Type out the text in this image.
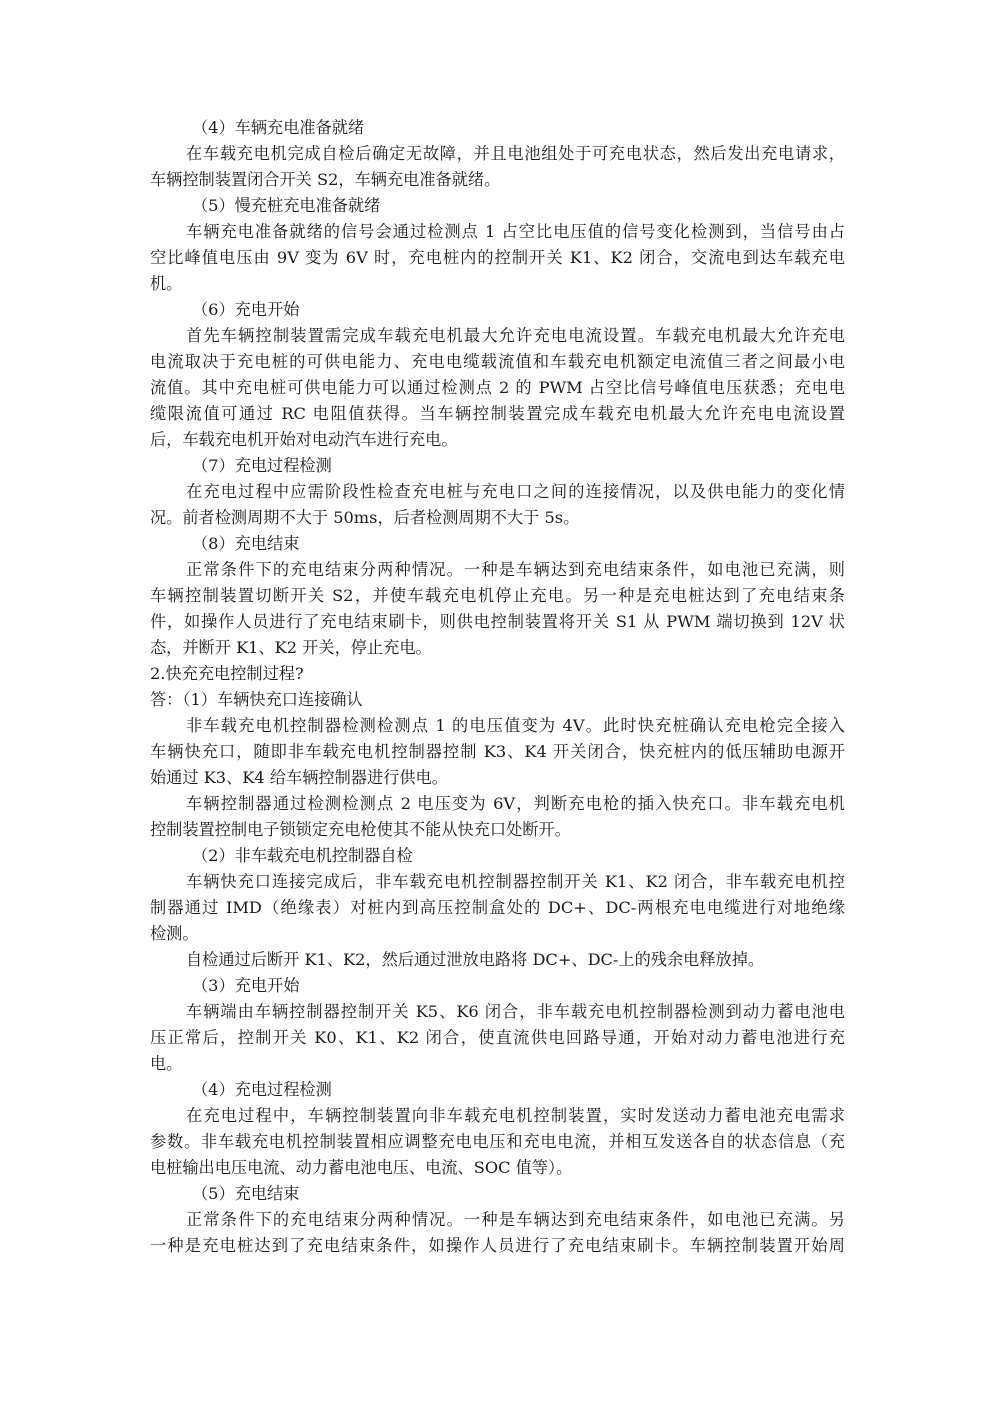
（4）车辆充电准备就绪

在车载充电机完成自检后确定无故障，并且电池组处于可充电状态，然后发出充电请求，

车辆控制装置闭合开关 S2，车辆充电准备就绪。

（5）慢充桩充电准备就绪

车辆充电准备就绪的信号会通过检测点 1 占空比电压值的信号变化检测到，当信号由占

空比峰值电压由 9V 变为 6V 时，充电桩内的控制开关 K1、K2 闭合，交流电到达车载充电

机。

（6）充电开始

首先车辆控制装置需完成车载充电机最大允许充电电流设置。车载充电机最大允许充电

电流取决于充电桩的可供电能力、充电电缆载流值和车载充电机额定电流值三者之间最小电

流值。其中充电桩可供电能力可以通过检测点 2 的 PWM 占空比信号峰值电压获悉；充电电

缆限流值可通过 RC 电阻值获得。当车辆控制装置完成车载充电机最大允许充电电流设置

后，车载充电机开始对电动汽车进行充电。

（7）充电过程检测

在充电过程中应需阶段性检查充电桩与充电口之间的连接情况，以及供电能力的变化情

况。前者检测周期不大于 50ms，后者检测周期不大于 5s。

（8）充电结束

正常条件下的充电结束分两种情况。一种是车辆达到充电结束条件，如电池已充满，则

车辆控制装置切断开关 S2，并使车载充电机停止充电。另一种是充电桩达到了充电结束条

件，如操作人员进行了充电结束刷卡，则供电控制装置将开关 S1 从 PWM 端切换到 12V 状

态，并断开 K1、K2 开关，停止充电。

2.快充充电控制过程?

答：（1）车辆快充口连接确认

非车载充电机控制器检测检测点 1 的电压值变为 4V。此时快充桩确认充电枪完全接入

车辆快充口，随即非车载充电机控制器控制 K3、K4 开关闭合，快充桩内的低压辅助电源开

始通过 K3、K4 给车辆控制器进行供电。

车辆控制器通过检测检测点 2 电压变为 6V，判断充电枪的插入快充口。非车载充电机

控制装置控制电子锁锁定充电枪使其不能从快充口处断开。

（2）非车载充电机控制器自检

车辆快充口连接完成后，非车载充电机控制器控制开关 K1、K2 闭合，非车载充电机控

制器通过 IMD（绝缘表）对桩内到高压控制盒处的 DC+、DC-两根充电电缆进行对地绝缘

检测。

自检通过后断开 K1、K2，然后通过泄放电路将 DC+、DC-上的残余电释放掉。

（3）充电开始

车辆端由车辆控制器控制开关 K5、K6 闭合，非车载充电机控制器检测到动力蓄电池电

压正常后，控制开关 K0、K1、K2 闭合，使直流供电回路导通，开始对动力蓄电池进行充

电。

（4）充电过程检测

在充电过程中，车辆控制装置向非车载充电机控制装置，实时发送动力蓄电池充电需求

参数。非车载充电机控制装置相应调整充电电压和充电电流，并相互发送各自的状态信息（充

电桩输出电压电流、动力蓄电池电压、电流、SOC 值等）。

（5）充电结束

正常条件下的充电结束分两种情况。一种是车辆达到充电结束条件，如电池已充满。另

一种是充电桩达到了充电结束条件，如操作人员进行了充电结束刷卡。车辆控制装置开始周
